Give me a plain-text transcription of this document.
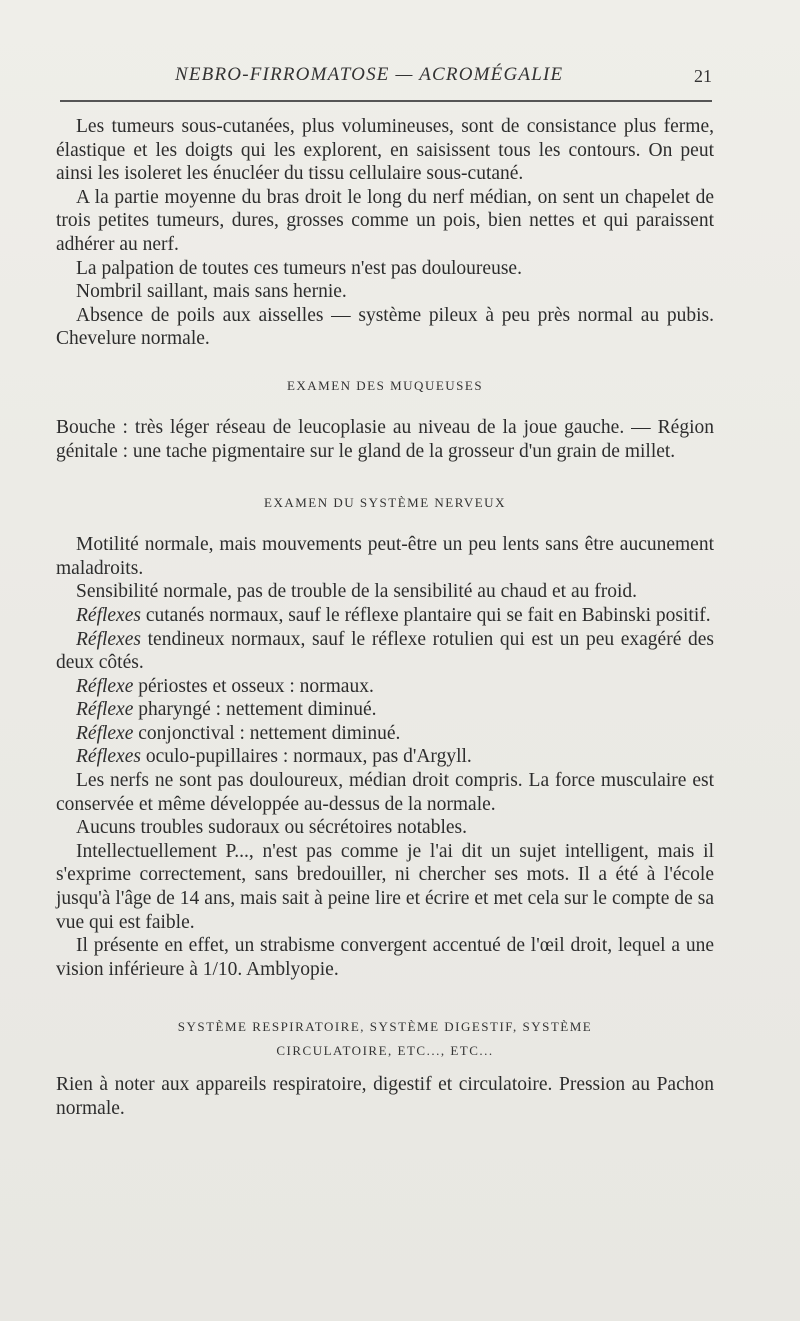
NEBRO-FIRROMATOSE — ACROMÉGALIE	21

Les tumeurs sous-cutanées, plus volumineuses, sont de consistance plus ferme, élastique et les doigts qui les explorent, en saisissent tous les contours. On peut ainsi les isoleret les énucléer du tissu cellulaire sous-cutané.

A la partie moyenne du bras droit le long du nerf médian, on sent un chapelet de trois petites tumeurs, dures, grosses comme un pois, bien nettes et qui paraissent adhérer au nerf.

La palpation de toutes ces tumeurs n'est pas douloureuse.

Nombril saillant, mais sans hernie.

Absence de poils aux aisselles — système pileux à peu près normal au pubis. Chevelure normale.

EXAMEN DES MUQUEUSES

Bouche : très léger réseau de leucoplasie au niveau de la joue gauche. — Région génitale : une tache pigmentaire sur le gland de la grosseur d'un grain de millet.

EXAMEN DU SYSTÈME NERVEUX

Motilité normale, mais mouvements peut-être un peu lents sans être aucunement maladroits.

Sensibilité normale, pas de trouble de la sensibilité au chaud et au froid.

Réflexes cutanés normaux, sauf le réflexe plantaire qui se fait en Babinski positif.

Réflexes tendineux normaux, sauf le réflexe rotulien qui est un peu exagéré des deux côtés.

Réflexe périostes et osseux : normaux.

Réflexe pharyngé : nettement diminué.

Réflexe conjonctival : nettement diminué.

Réflexes oculo-pupillaires : normaux, pas d'Argyll.

Les nerfs ne sont pas douloureux, médian droit compris. La force musculaire est conservée et même développée au-dessus de la normale.

Aucuns troubles sudoraux ou sécrétoires notables.

Intellectuellement P..., n'est pas comme je l'ai dit un sujet intelligent, mais il s'exprime correctement, sans bredouiller, ni chercher ses mots. Il a été à l'école jusqu'à l'âge de 14 ans, mais sait à peine lire et écrire et met cela sur le compte de sa vue qui est faible.

Il présente en effet, un strabisme convergent accentué de l'œil droit, lequel a une vision inférieure à 1/10. Amblyopie.

SYSTÈME RESPIRATOIRE, SYSTÈME DIGESTIF, SYSTÈME
CIRCULATOIRE, ETC..., ETC...

Rien à noter aux appareils respiratoire, digestif et circulatoire. Pression au Pachon normale.
